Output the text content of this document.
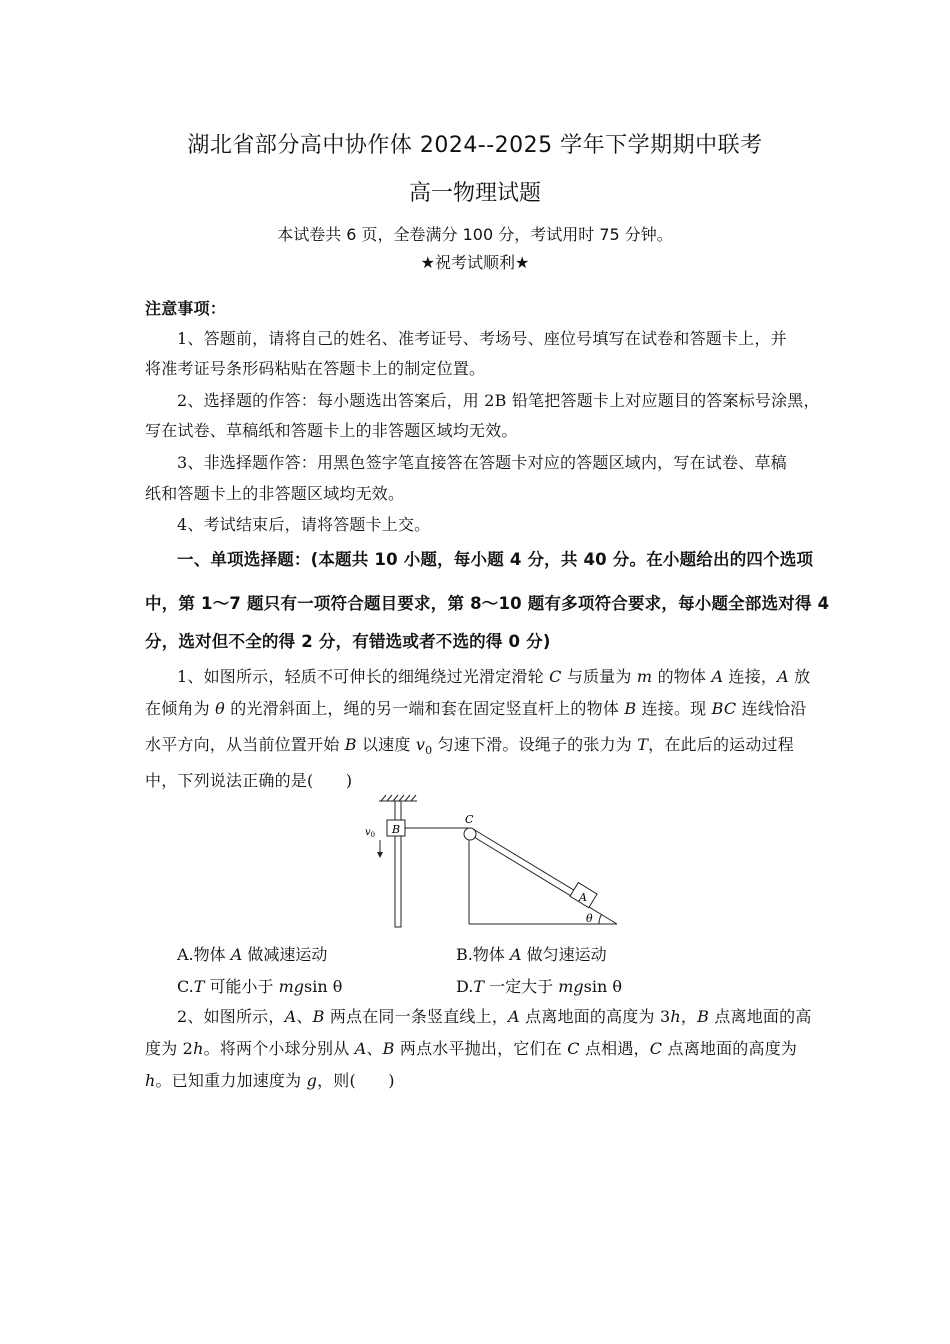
湖北省部分高中协作体 2024--2025 学年下学期期中联考
高一物理试题
本试卷共 6 页，全卷满分 100 分，考试用时 75 分钟。
★祝考试顺利★
注意事项：
1、答题前，请将自己的姓名、准考证号、考场号、座位号填写在试卷和答题卡上，并
将准考证号条形码粘贴在答题卡上的制定位置。
2、选择题的作答：每小题选出答案后，用 2B 铅笔把答题卡上对应题目的答案标号涂黑，
写在试卷、草稿纸和答题卡上的非答题区域均无效。
3、非选择题作答：用黑色签字笔直接答在答题卡对应的答题区域内，写在试卷、草稿
纸和答题卡上的非答题区域均无效。
4、考试结束后，请将答题卡上交。
一、单项选择题：(本题共 10 小题，每小题 4 分，共 40 分。在小题给出的四个选项
中，第 1～7 题只有一项符合题目要求，第 8～10 题有多项符合要求，每小题全部选对得 4
分，选对但不全的得 2 分，有错选或者不选的得 0 分)
1、如图所示，轻质不可伸长的细绳绕过光滑定滑轮 C 与质量为 m 的物体 A 连接，A 放
在倾角为 θ 的光滑斜面上，绳的另一端和套在固定竖直杆上的物体 B 连接。现 BC 连线恰沿
水平方向，从当前位置开始 B 以速度 $v_0$ 匀速下滑。设绳子的张力为 T，在此后的运动过程
中，下列说法正确的是(　　)
B
$v_0$
C
A
θ
A.物体 A 做减速运动	B.物体 A 做匀速运动
C.T 可能小于 mgsin θ	D.T 一定大于 mgsin θ
2、如图所示，A、B 两点在同一条竖直线上，A 点离地面的高度为 3h，B 点离地面的高
度为 2h。将两个小球分别从 A、B 两点水平抛出，它们在 C 点相遇，C 点离地面的高度为
h。已知重力加速度为 g，则(　　)
